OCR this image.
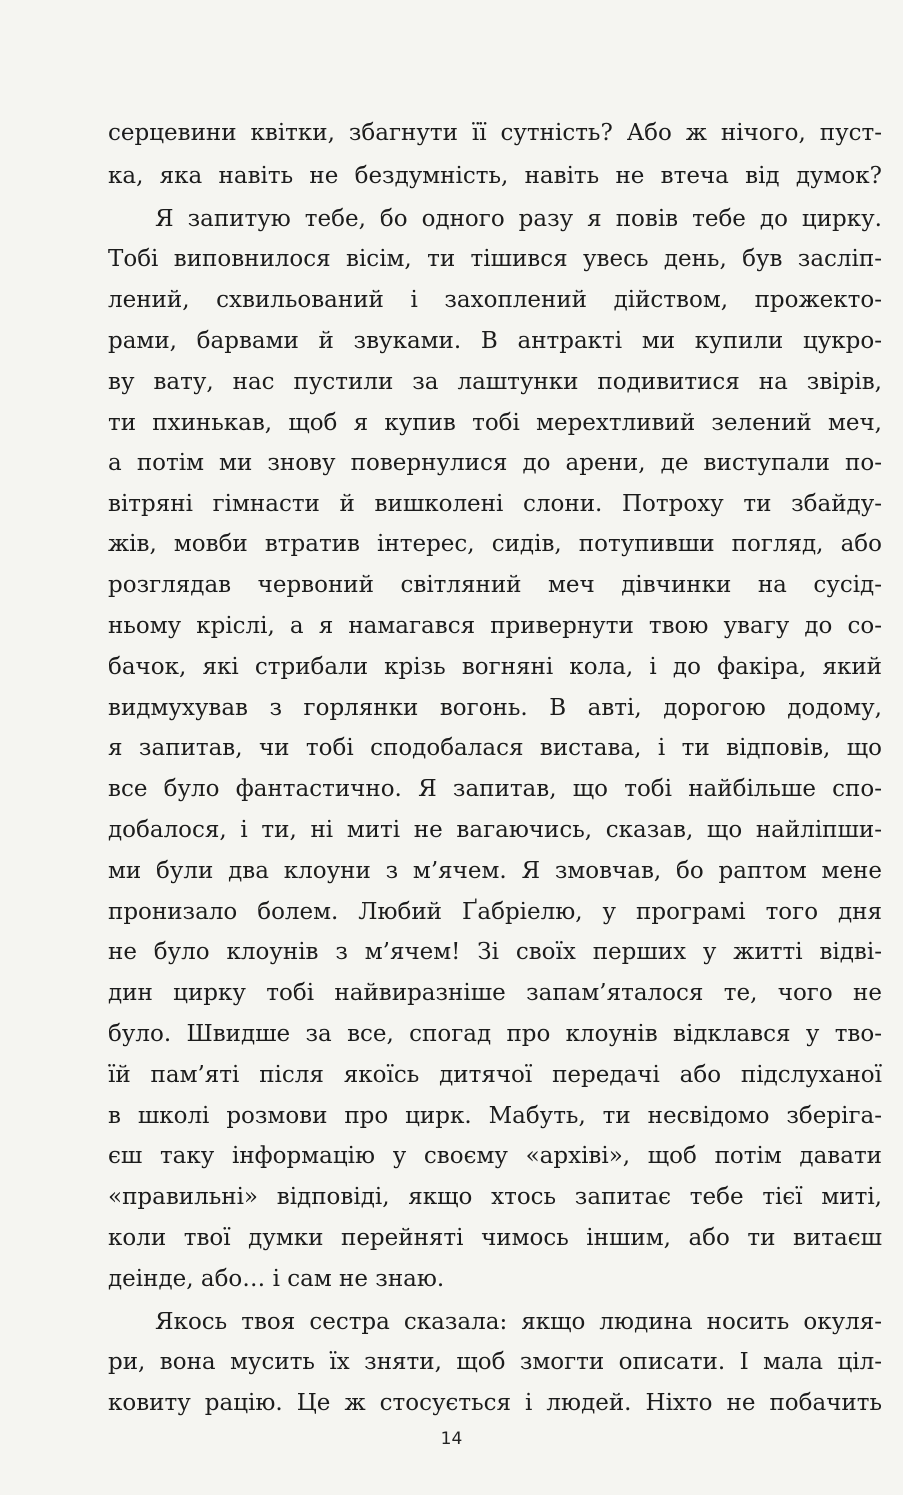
серцевини квітки, збагнути її сутність? Або ж нічого, пуст-
ка, яка навіть не бездумність, навіть не втеча від думок?
Я запитую тебе, бо одного разу я повів тебе до цирку.
Тобі виповнилося вісім, ти тішився увесь день, був засліп-
лений, схвильований і захоплений дійством, прожекто-
рами, барвами й звуками. В антракті ми купили цукро-
ву вату, нас пустили за лаштунки подивитися на звірів,
ти пхинькав, щоб я купив тобі мерехтливий зелений меч,
а потім ми знову повернулися до арени, де виступали по-
вітряні гімнасти й вишколені слони. Потроху ти збайду-
жів, мовби втратив інтерес, сидів, потупивши погляд, або
розглядав червоний світляний меч дівчинки на сусід-
ньому кріслі, а я намагався привернути твою увагу до со-
бачок, які стрибали крізь вогняні кола, і до факіра, який
видмухував з горлянки вогонь. В авті, дорогою додому,
я запитав, чи тобі сподобалася вистава, і ти відповів, що
все було фантастично. Я запитав, що тобі найбільше спо-
добалося, і ти, ні миті не вагаючись, сказав, що найліпши-
ми були два клоуни з м’ячем. Я змовчав, бо раптом мене
пронизало болем. Любий Ґабріелю, у програмі того дня
не було клоунів з м’ячем! Зі своїх перших у житті відві-
дин цирку тобі найвиразніше запам’яталося те, чого не
було. Швидше за все, спогад про клоунів відклався у тво-
їй пам’яті після якоїсь дитячої передачі або підслуханої
в школі розмови про цирк. Мабуть, ти несвідомо зберіга-
єш таку інформацію у своєму «архіві», щоб потім давати
«правильні» відповіді, якщо хтось запитає тебе тієї миті,
коли твої думки перейняті чимось іншим, або ти витаєш
деінде, або… і сам не знаю.
Якось твоя сестра сказала: якщо людина носить окуля-
ри, вона мусить їх зняти, щоб змогти описати. І мала ціл-
ковиту рацію. Це ж стосується і людей. Ніхто не побачить
14
